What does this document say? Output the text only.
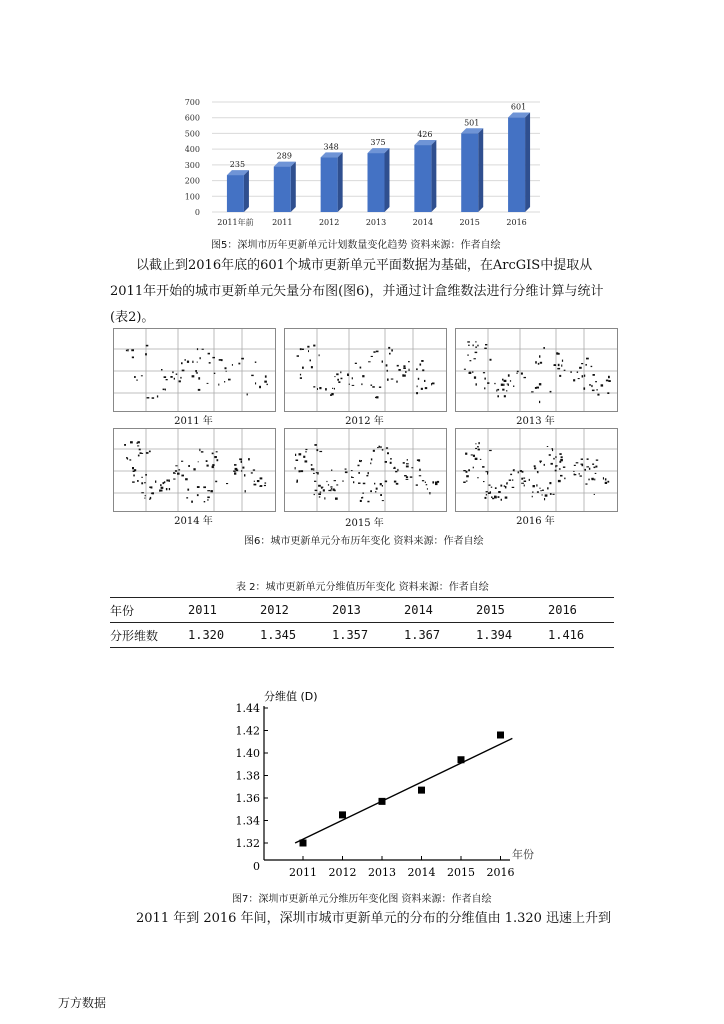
0
100
200
300
400
500
600
700
235
289
348	375
426
501
601
2011年前 2011	2012	2013	2014	2015	2016
图5：深圳市历年更新单元计划数量变化趋势 资料来源：作者自绘
以截止到2016年底的601个城市更新单元平面数据为基础，在ArcGIS中提取从2011年开始的城市更新单元矢量分布图(图6)，并通过计盒维数法进行分维计算与统计(表2)。
2011 年	2012 年	2013 年
2014 年	2015 年	2016 年
图6：城市更新单元分布历年变化 资料来源：作者自绘
表 2：城市更新单元分维值历年变化 资料来源：作者自绘
年份	2011	2012	2013	2014	2015	2016
分形维数	1.320	1.345	1.357	1.367	1.394	1.416
分维值 (D)
年份
0
1.32
1.34
1.36
1.38
1.40
1.42
1.44
2011 2012 2013 2014 2015 2016
图7：深圳市更新单元分维历年变化图 资料来源：作者自绘
2011 年到 2016 年间，深圳市城市更新单元的分布的分维值由 1.320 迅速上升到
万方数据
